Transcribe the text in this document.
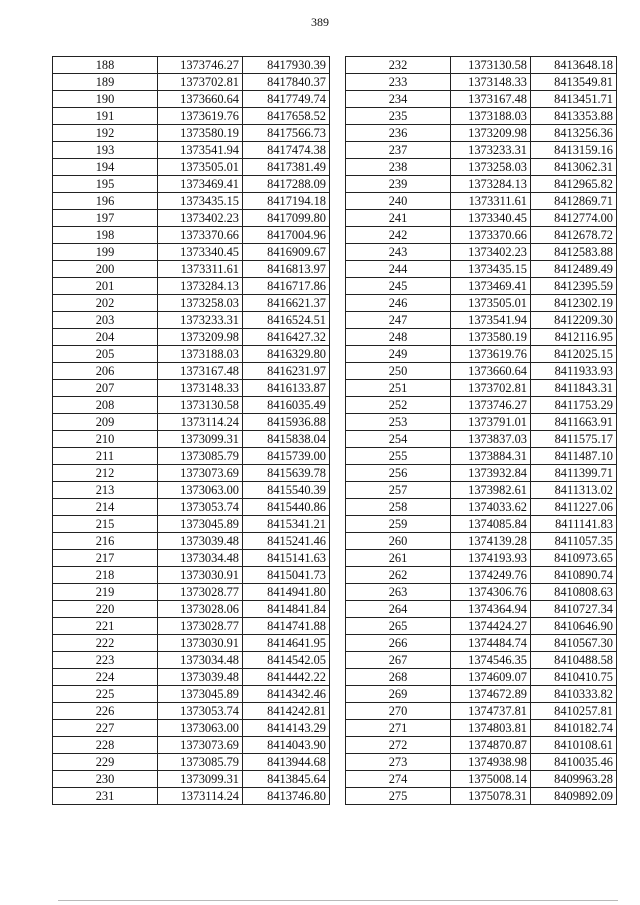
389
188	1373746.27	8417930.39
189	1373702.81	8417840.37
190	1373660.64	8417749.74
191	1373619.76	8417658.52
192	1373580.19	8417566.73
193	1373541.94	8417474.38
194	1373505.01	8417381.49
195	1373469.41	8417288.09
196	1373435.15	8417194.18
197	1373402.23	8417099.80
198	1373370.66	8417004.96
199	1373340.45	8416909.67
200	1373311.61	8416813.97
201	1373284.13	8416717.86
202	1373258.03	8416621.37
203	1373233.31	8416524.51
204	1373209.98	8416427.32
205	1373188.03	8416329.80
206	1373167.48	8416231.97
207	1373148.33	8416133.87
208	1373130.58	8416035.49
209	1373114.24	8415936.88
210	1373099.31	8415838.04
211	1373085.79	8415739.00
212	1373073.69	8415639.78
213	1373063.00	8415540.39
214	1373053.74	8415440.86
215	1373045.89	8415341.21
216	1373039.48	8415241.46
217	1373034.48	8415141.63
218	1373030.91	8415041.73
219	1373028.77	8414941.80
220	1373028.06	8414841.84
221	1373028.77	8414741.88
222	1373030.91	8414641.95
223	1373034.48	8414542.05
224	1373039.48	8414442.22
225	1373045.89	8414342.46
226	1373053.74	8414242.81
227	1373063.00	8414143.29
228	1373073.69	8414043.90
229	1373085.79	8413944.68
230	1373099.31	8413845.64
231	1373114.24	8413746.80
232	1373130.58	8413648.18
233	1373148.33	8413549.81
234	1373167.48	8413451.71
235	1373188.03	8413353.88
236	1373209.98	8413256.36
237	1373233.31	8413159.16
238	1373258.03	8413062.31
239	1373284.13	8412965.82
240	1373311.61	8412869.71
241	1373340.45	8412774.00
242	1373370.66	8412678.72
243	1373402.23	8412583.88
244	1373435.15	8412489.49
245	1373469.41	8412395.59
246	1373505.01	8412302.19
247	1373541.94	8412209.30
248	1373580.19	8412116.95
249	1373619.76	8412025.15
250	1373660.64	8411933.93
251	1373702.81	8411843.31
252	1373746.27	8411753.29
253	1373791.01	8411663.91
254	1373837.03	8411575.17
255	1373884.31	8411487.10
256	1373932.84	8411399.71
257	1373982.61	8411313.02
258	1374033.62	8411227.06
259	1374085.84	8411141.83
260	1374139.28	8411057.35
261	1374193.93	8410973.65
262	1374249.76	8410890.74
263	1374306.76	8410808.63
264	1374364.94	8410727.34
265	1374424.27	8410646.90
266	1374484.74	8410567.30
267	1374546.35	8410488.58
268	1374609.07	8410410.75
269	1374672.89	8410333.82
270	1374737.81	8410257.81
271	1374803.81	8410182.74
272	1374870.87	8410108.61
273	1374938.98	8410035.46
274	1375008.14	8409963.28
275	1375078.31	8409892.09
